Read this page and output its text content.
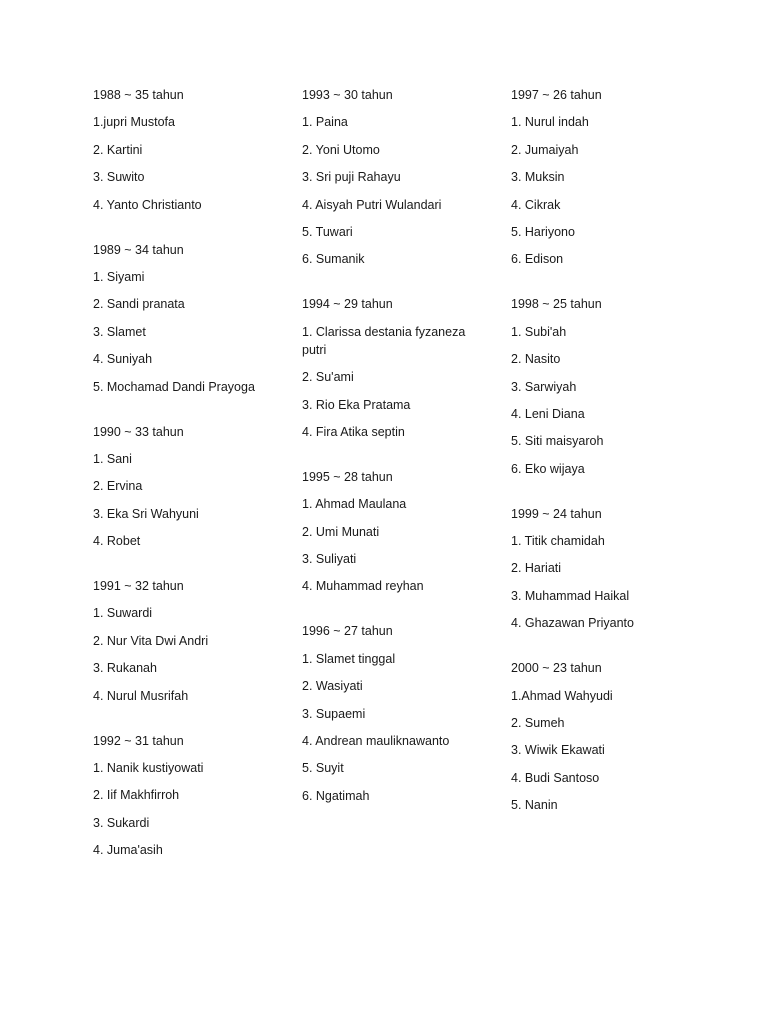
1988 ~ 35 tahun
1.jupri Mustofa
2. Kartini
3. Suwito
4. Yanto Christianto
1989 ~ 34 tahun
1. Siyami
2. Sandi pranata
3. Slamet
4. Suniyah
5. Mochamad Dandi Prayoga
1990 ~ 33 tahun
1. Sani
2. Ervina
3. Eka Sri Wahyuni
4. Robet
1991 ~ 32 tahun
1. Suwardi
2. Nur Vita Dwi Andri
3. Rukanah
4. Nurul Musrifah
1992 ~ 31 tahun
1. Nanik kustiyowati
2. Iif Makhfirroh
3. Sukardi
4. Juma'asih
1993 ~ 30 tahun
1. Paina
2. Yoni Utomo
3. Sri puji Rahayu
4. Aisyah Putri Wulandari
5. Tuwari
6. Sumanik
1994 ~ 29 tahun
1. Clarissa destania fyzaneza putri
2. Su'ami
3. Rio Eka Pratama
4. Fira Atika septin
1995 ~ 28 tahun
1. Ahmad Maulana
2. Umi Munati
3. Suliyati
4. Muhammad reyhan
1996 ~ 27 tahun
1. Slamet tinggal
2. Wasiyati
3. Supaemi
4. Andrean mauliknawanto
5. Suyit
6. Ngatimah
1997 ~ 26 tahun
1. Nurul indah
2. Jumaiyah
3. Muksin
4. Cikrak
5. Hariyono
6. Edison
1998 ~ 25 tahun
1. Subi'ah
2. Nasito
3. Sarwiyah
4. Leni Diana
5. Siti maisyaroh
6. Eko wijaya
1999 ~ 24 tahun
1. Titik chamidah
2. Hariati
3. Muhammad Haikal
4. Ghazawan Priyanto
2000 ~ 23 tahun
1.Ahmad Wahyudi
2. Sumeh
3. Wiwik Ekawati
4. Budi Santoso
5. Nanin
